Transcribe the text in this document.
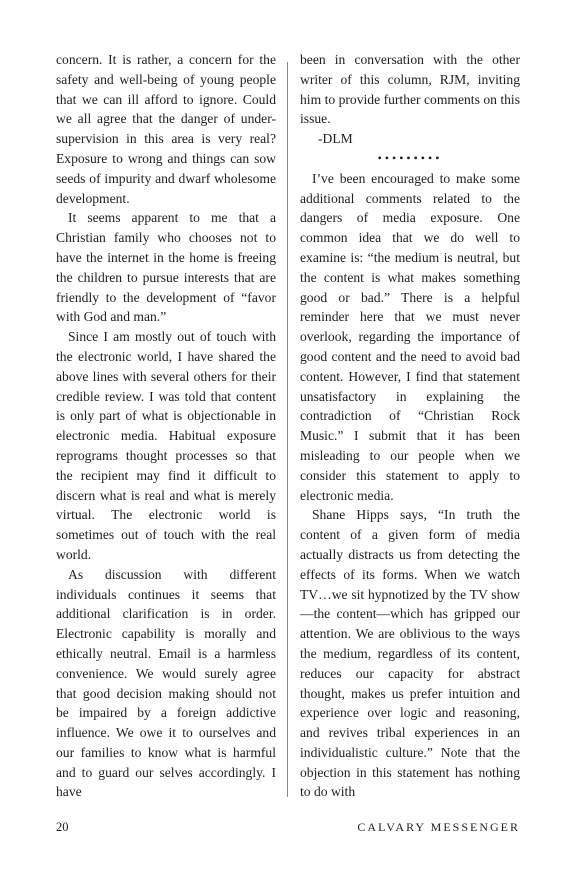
concern. It is rather, a concern for the safety and well-being of young people that we can ill afford to ignore. Could we all agree that the danger of under-supervision in this area is very real? Exposure to wrong and things can sow seeds of impurity and dwarf wholesome development.

It seems apparent to me that a Christian family who chooses not to have the internet in the home is freeing the children to pursue interests that are friendly to the development of “favor with God and man.”

Since I am mostly out of touch with the electronic world, I have shared the above lines with several others for their credible review. I was told that content is only part of what is objectionable in electronic media. Habitual exposure reprograms thought processes so that the recipient may find it difficult to discern what is real and what is merely virtual. The electronic world is sometimes out of touch with the real world.

As discussion with different individuals continues it seems that additional clarification is in order. Electronic capability is morally and ethically neutral. Email is a harmless convenience. We would surely agree that good decision making should not be impaired by a foreign addictive influence. We owe it to ourselves and our families to know what is harmful and to guard our selves accordingly. I have

been in conversation with the other writer of this column, RJM, inviting him to provide further comments on this issue.

-DLM

•••••••••

I’ve been encouraged to make some additional comments related to the dangers of media exposure. One common idea that we do well to examine is: “the medium is neutral, but the content is what makes something good or bad.” There is a helpful reminder here that we must never overlook, regarding the importance of good content and the need to avoid bad content. However, I find that statement unsatisfactory in explaining the contradiction of “Christian Rock Music.” I submit that it has been misleading to our people when we consider this statement to apply to electronic media.

Shane Hipps says, “In truth the content of a given form of media actually distracts us from detecting the effects of its forms. When we watch TV…we sit hypnotized by the TV show—the content—which has gripped our attention. We are oblivious to the ways the medium, regardless of its content, reduces our capacity for abstract thought, makes us prefer intuition and experience over logic and reasoning, and revives tribal experiences in an individualistic culture.” Note that the objection in this statement has nothing to do with

20	CALVARY MESSENGER
